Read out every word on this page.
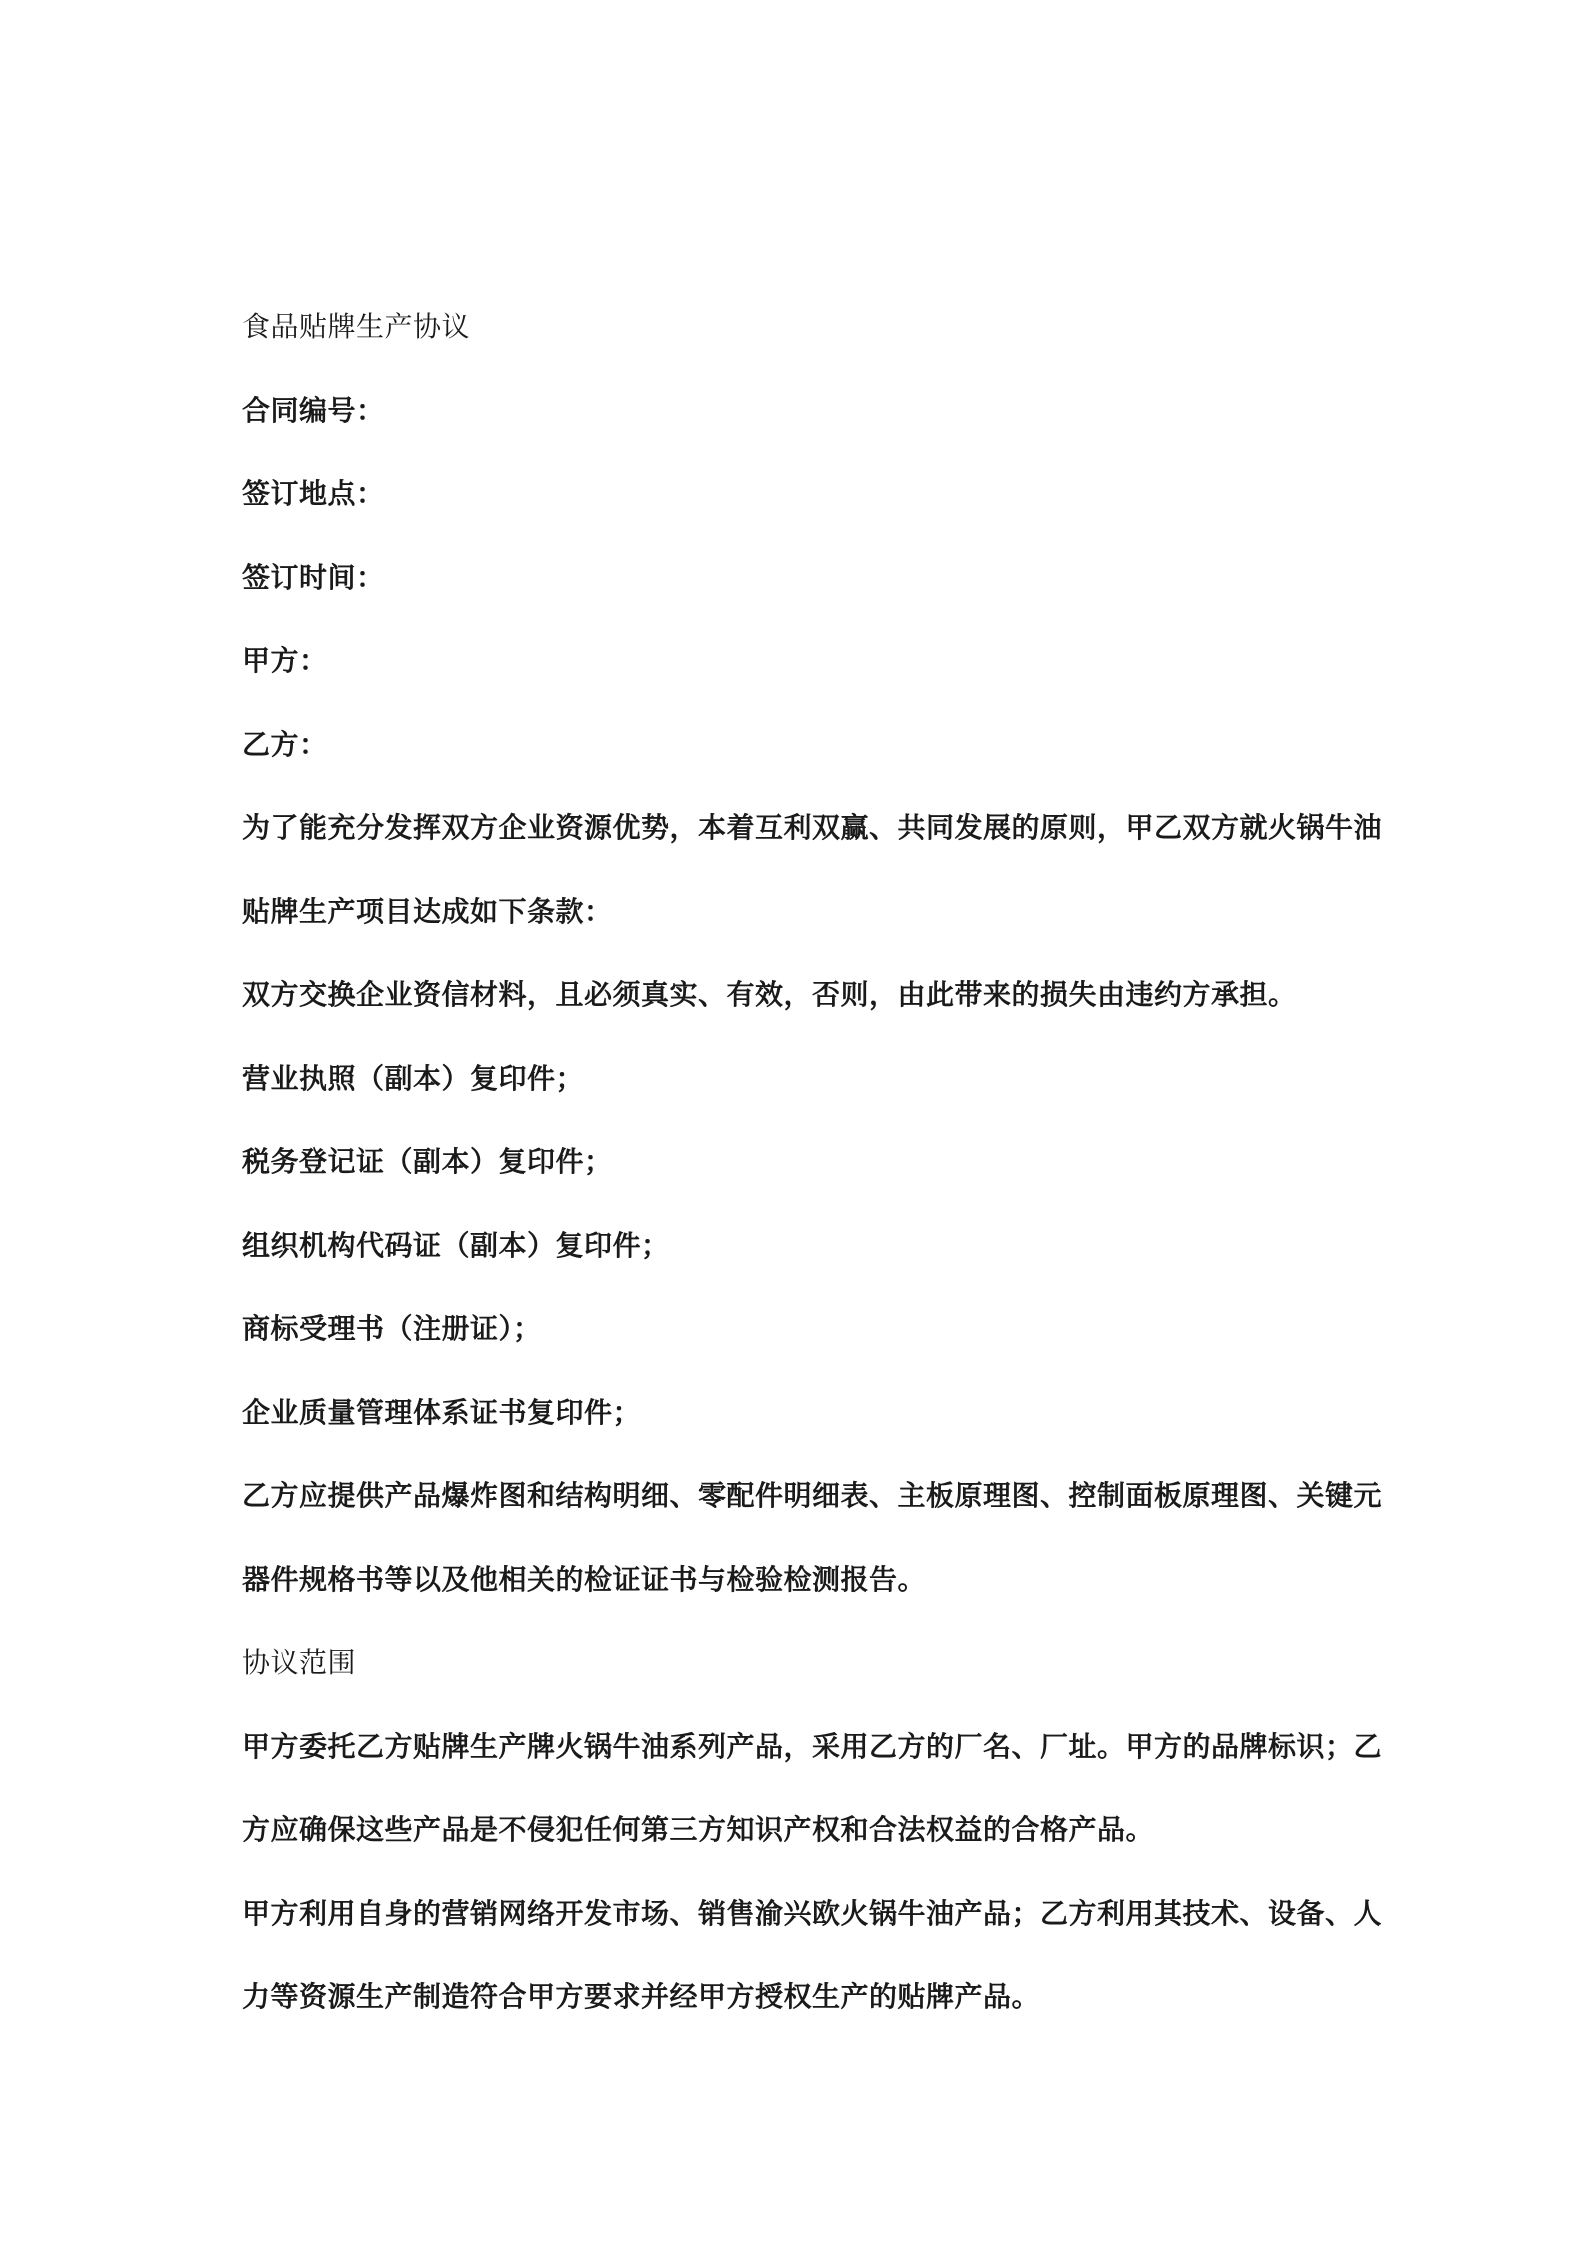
食品贴牌生产协议
合同编号：
签订地点：
签订时间：
甲方：
乙方：
为了能充分发挥双方企业资源优势，本着互利双赢、共同发展的原则，甲乙双方就火锅牛油
贴牌生产项目达成如下条款：
双方交换企业资信材料，且必须真实、有效，否则，由此带来的损失由违约方承担。
营业执照（副本）复印件；
税务登记证（副本）复印件；
组织机构代码证（副本）复印件；
商标受理书（注册证）；
企业质量管理体系证书复印件；
乙方应提供产品爆炸图和结构明细、零配件明细表、主板原理图、控制面板原理图、关键元
器件规格书等以及他相关的检证证书与检验检测报告。
协议范围
甲方委托乙方贴牌生产牌火锅牛油系列产品，采用乙方的厂名、厂址。甲方的品牌标识；乙
方应确保这些产品是不侵犯任何第三方知识产权和合法权益的合格产品。
甲方利用自身的营销网络开发市场、销售渝兴欧火锅牛油产品；乙方利用其技术、设备、人
力等资源生产制造符合甲方要求并经甲方授权生产的贴牌产品。
